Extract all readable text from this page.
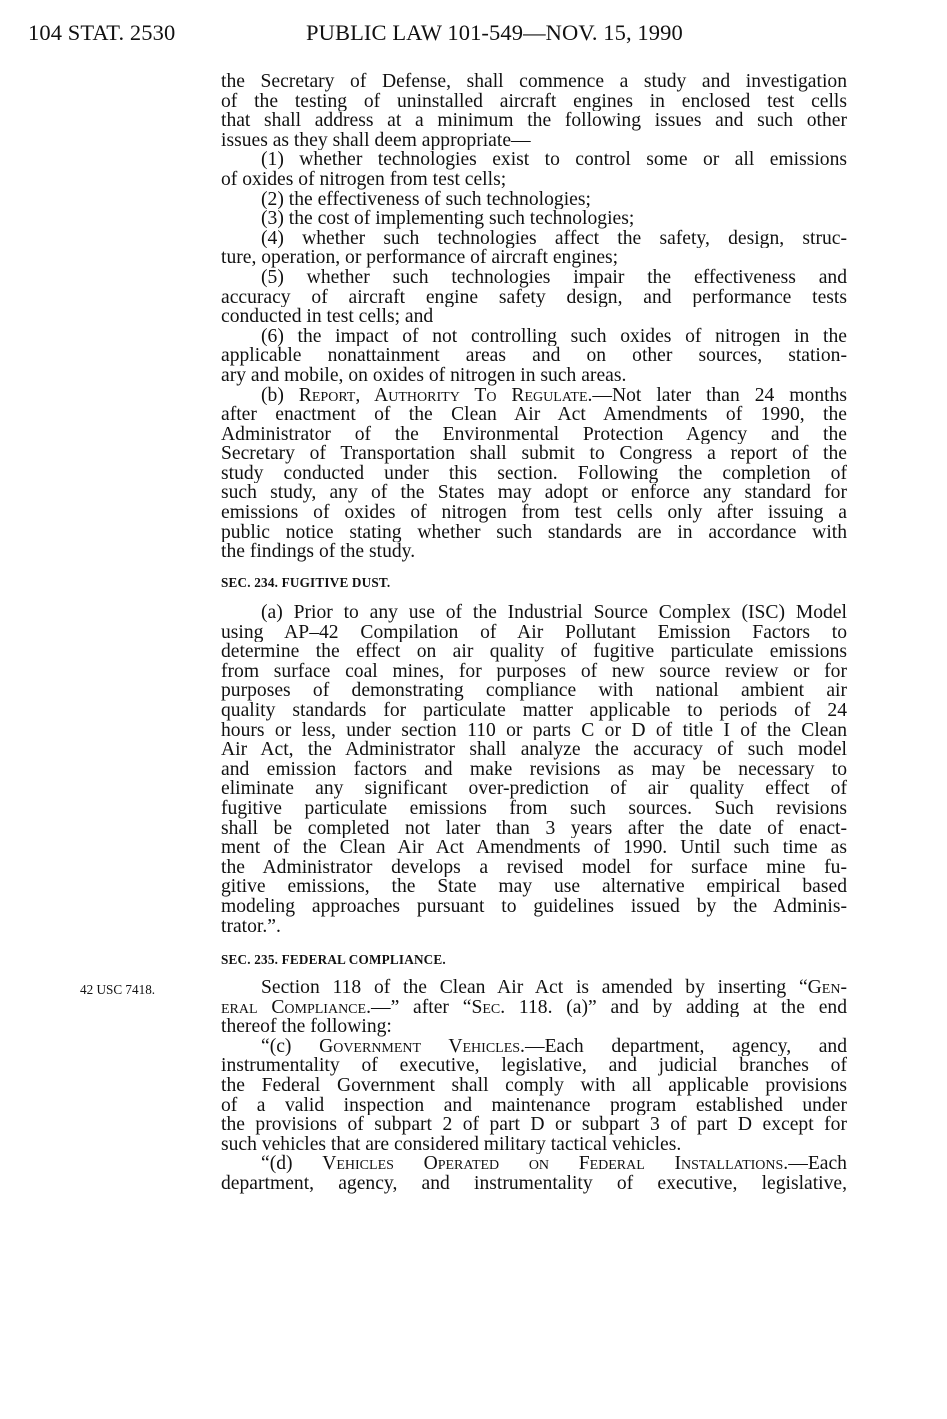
104 STAT. 2530	PUBLIC LAW 101-549—NOV. 15, 1990
the Secretary of Defense, shall commence a study and investigation
of the testing of uninstalled aircraft engines in enclosed test cells
that shall address at a minimum the following issues and such other
issues as they shall deem appropriate—
(1) whether technologies exist to control some or all emissions
of oxides of nitrogen from test cells;
(2) the effectiveness of such technologies;
(3) the cost of implementing such technologies;
(4) whether such technologies affect the safety, design, struc-
ture, operation, or performance of aircraft engines;
(5) whether such technologies impair the effectiveness and
accuracy of aircraft engine safety design, and performance tests
conducted in test cells; and
(6) the impact of not controlling such oxides of nitrogen in the
applicable nonattainment areas and on other sources, station-
ary and mobile, on oxides of nitrogen in such areas.
(b) Report, Authority To Regulate.—Not later than 24 months
after enactment of the Clean Air Act Amendments of 1990, the
Administrator of the Environmental Protection Agency and the
Secretary of Transportation shall submit to Congress a report of the
study conducted under this section. Following the completion of
such study, any of the States may adopt or enforce any standard for
emissions of oxides of nitrogen from test cells only after issuing a
public notice stating whether such standards are in accordance with
the findings of the study.
SEC. 234. FUGITIVE DUST.
(a) Prior to any use of the Industrial Source Complex (ISC) Model
using AP–42 Compilation of Air Pollutant Emission Factors to
determine the effect on air quality of fugitive particulate emissions
from surface coal mines, for purposes of new source review or for
purposes of demonstrating compliance with national ambient air
quality standards for particulate matter applicable to periods of 24
hours or less, under section 110 or parts C or D of title I of the Clean
Air Act, the Administrator shall analyze the accuracy of such model
and emission factors and make revisions as may be necessary to
eliminate any significant over-prediction of air quality effect of
fugitive particulate emissions from such sources. Such revisions
shall be completed not later than 3 years after the date of enact-
ment of the Clean Air Act Amendments of 1990. Until such time as
the Administrator develops a revised model for surface mine fu-
gitive emissions, the State may use alternative empirical based
modeling approaches pursuant to guidelines issued by the Adminis-
trator.”.
SEC. 235. FEDERAL COMPLIANCE.
42 USC 7418.	Section 118 of the Clean Air Act is amended by inserting “Gen-
eral Compliance.—” after “Sec. 118. (a)” and by adding at the end
thereof the following:
“(c) Government Vehicles.—Each department, agency, and
instrumentality of executive, legislative, and judicial branches of
the Federal Government shall comply with all applicable provisions
of a valid inspection and maintenance program established under
the provisions of subpart 2 of part D or subpart 3 of part D except for
such vehicles that are considered military tactical vehicles.
“(d) Vehicles Operated on Federal Installations.—Each
department, agency, and instrumentality of executive, legislative,
